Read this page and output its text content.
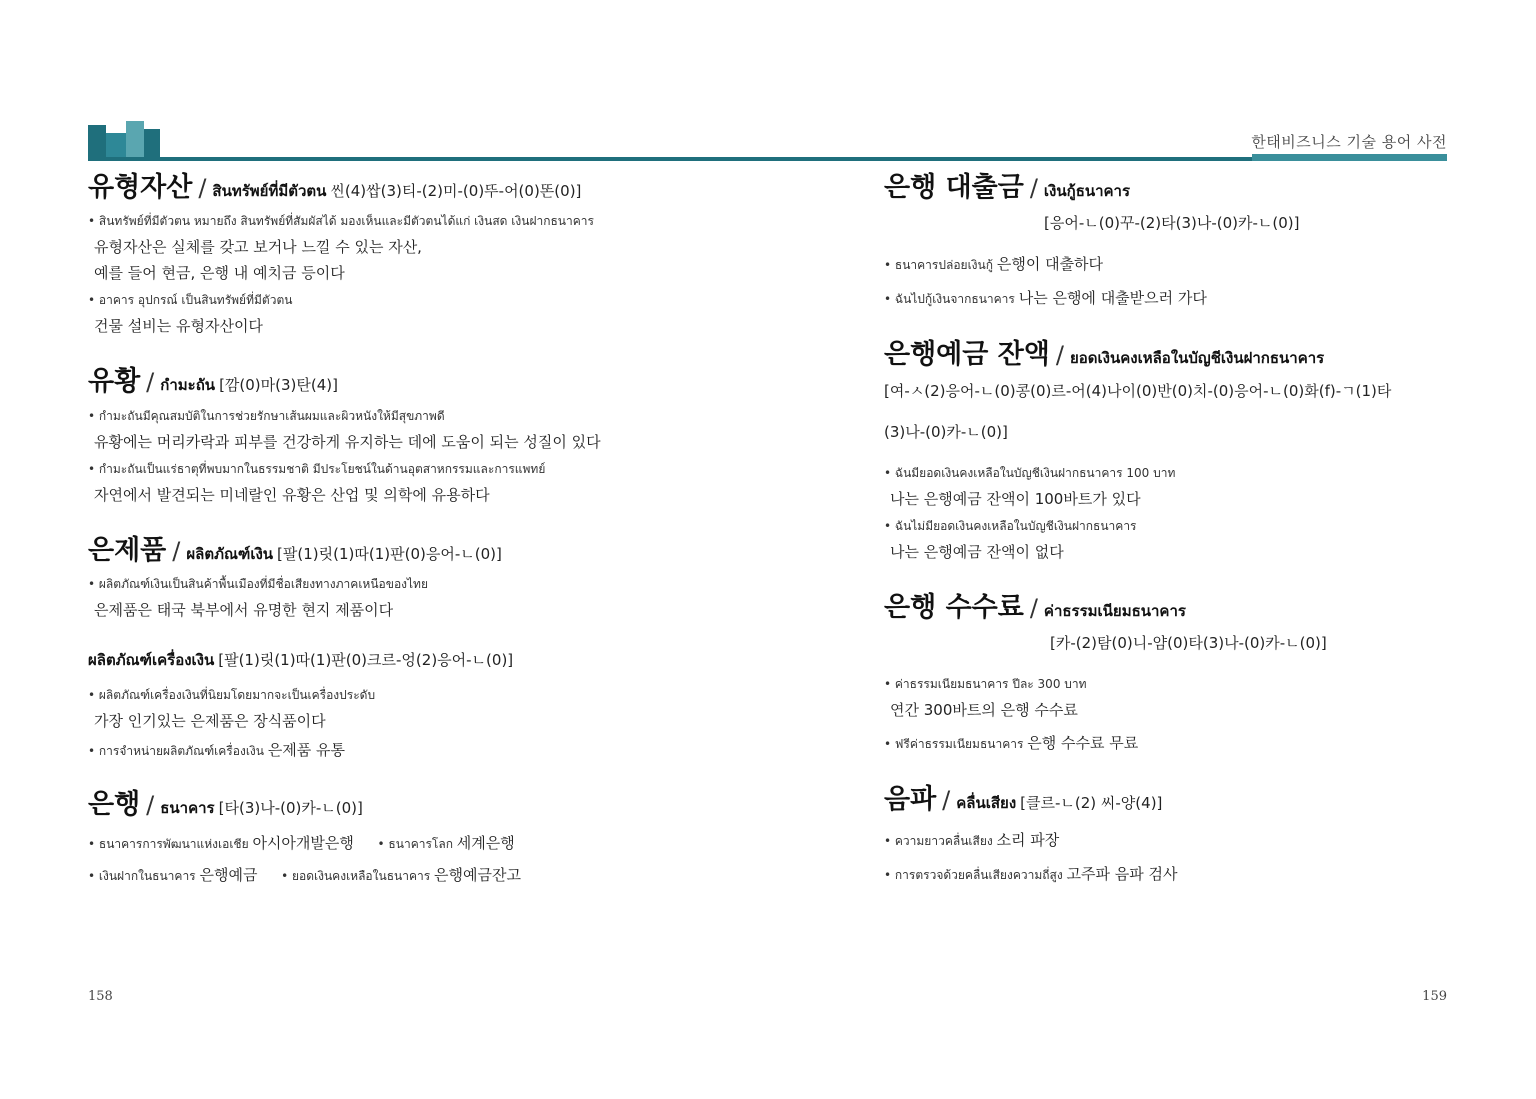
한태비즈니스 기술 용어 사전
유형자산 / สินทรัพย์ที่มีตัวตน 씬(4)쌉(3)티-(2)미-(0)뚜-어(0)똔(0)]
• สินทรัพย์ที่มีตัวตน หมายถึง สินทรัพย์ที่สัมผัสได้ มองเห็นและมีตัวตนได้แก่ เงินสด เงินฝากธนาคาร
유형자산은 실체를 갖고 보거나 느낄 수 있는 자산,
예를 들어 현금, 은행 내 예치금 등이다
• อาคาร อุปกรณ์ เป็นสินทรัพย์ที่มีตัวตน
건물 설비는 유형자산이다
유황 / กำมะถัน [깜(0)마(3)탄(4)]
• กำมะถันมีคุณสมบัติในการช่วยรักษาเส้นผมและผิวหนังให้มีสุขภาพดี
유황에는 머리카락과 피부를 건강하게 유지하는 데에 도움이 되는 성질이 있다
• กำมะถันเป็นแร่ธาตุที่พบมากในธรรมชาติ มีประโยชน์ในด้านอุตสาหกรรมและการแพทย์
자연에서 발견되는 미네랄인 유황은 산업 및 의학에 유용하다
은제품 / ผลิตภัณฑ์เงิน [팔(1)릿(1)따(1)판(0)응어-ㄴ(0)]
• ผลิตภัณฑ์เงินเป็นสินค้าพื้นเมืองที่มีชื่อเสียงทางภาคเหนือของไทย
은제품은 태국 북부에서 유명한 현지 제품이다
ผลิตภัณฑ์เครื่องเงิน [팔(1)릿(1)따(1)판(0)크르-엉(2)응어-ㄴ(0)]
• ผลิตภัณฑ์เครื่องเงินที่นิยมโดยมากจะเป็นเครื่องประดับ
가장 인기있는 은제품은 장식품이다
• การจำหน่ายผลิตภัณฑ์เครื่องเงิน 은제품 유통
은행 / ธนาคาร [타(3)나-(0)카-ㄴ(0)]
• ธนาคารการพัฒนาแห่งเอเชีย 아시아개발은행 • ธนาคารโลก 세계은행
• เงินฝากในธนาคาร 은행예금 • ยอดเงินคงเหลือในธนาคาร 은행예금잔고
은행 대출금 / เงินกู้ธนาคาร
[응어-ㄴ(0)꾸-(2)타(3)나-(0)카-ㄴ(0)]
• ธนาคารปล่อยเงินกู้ 은행이 대출하다
• ฉันไปกู้เงินจากธนาคาร 나는 은행에 대출받으러 가다
은행예금 잔액 / ยอดเงินคงเหลือในบัญชีเงินฝากธนาคาร
[여-ㅅ(2)응어-ㄴ(0)콩(0)르-어(4)나이(0)반(0)치-(0)응어-ㄴ(0)화(f)-ㄱ(1)타
(3)나-(0)카-ㄴ(0)]
• ฉันมียอดเงินคงเหลือในบัญชีเงินฝากธนาคาร 100 บาท
나는 은행예금 잔액이 100바트가 있다
• ฉันไม่มียอดเงินคงเหลือในบัญชีเงินฝากธนาคาร
나는 은행예금 잔액이 없다
은행 수수료 / ค่าธรรมเนียมธนาคาร
[카-(2)탐(0)니-얌(0)타(3)나-(0)카-ㄴ(0)]
• ค่าธรรมเนียมธนาคาร ปีละ 300 บาท
연간 300바트의 은행 수수료
• ฟรีค่าธรรมเนียมธนาคาร 은행 수수료 무료
음파 / คลื่นเสียง [클르-ㄴ(2) 씨-양(4)]
• ความยาวคลื่นเสียง 소리 파장
• การตรวจด้วยคลื่นเสียงความถี่สูง 고주파 음파 검사
158	159
